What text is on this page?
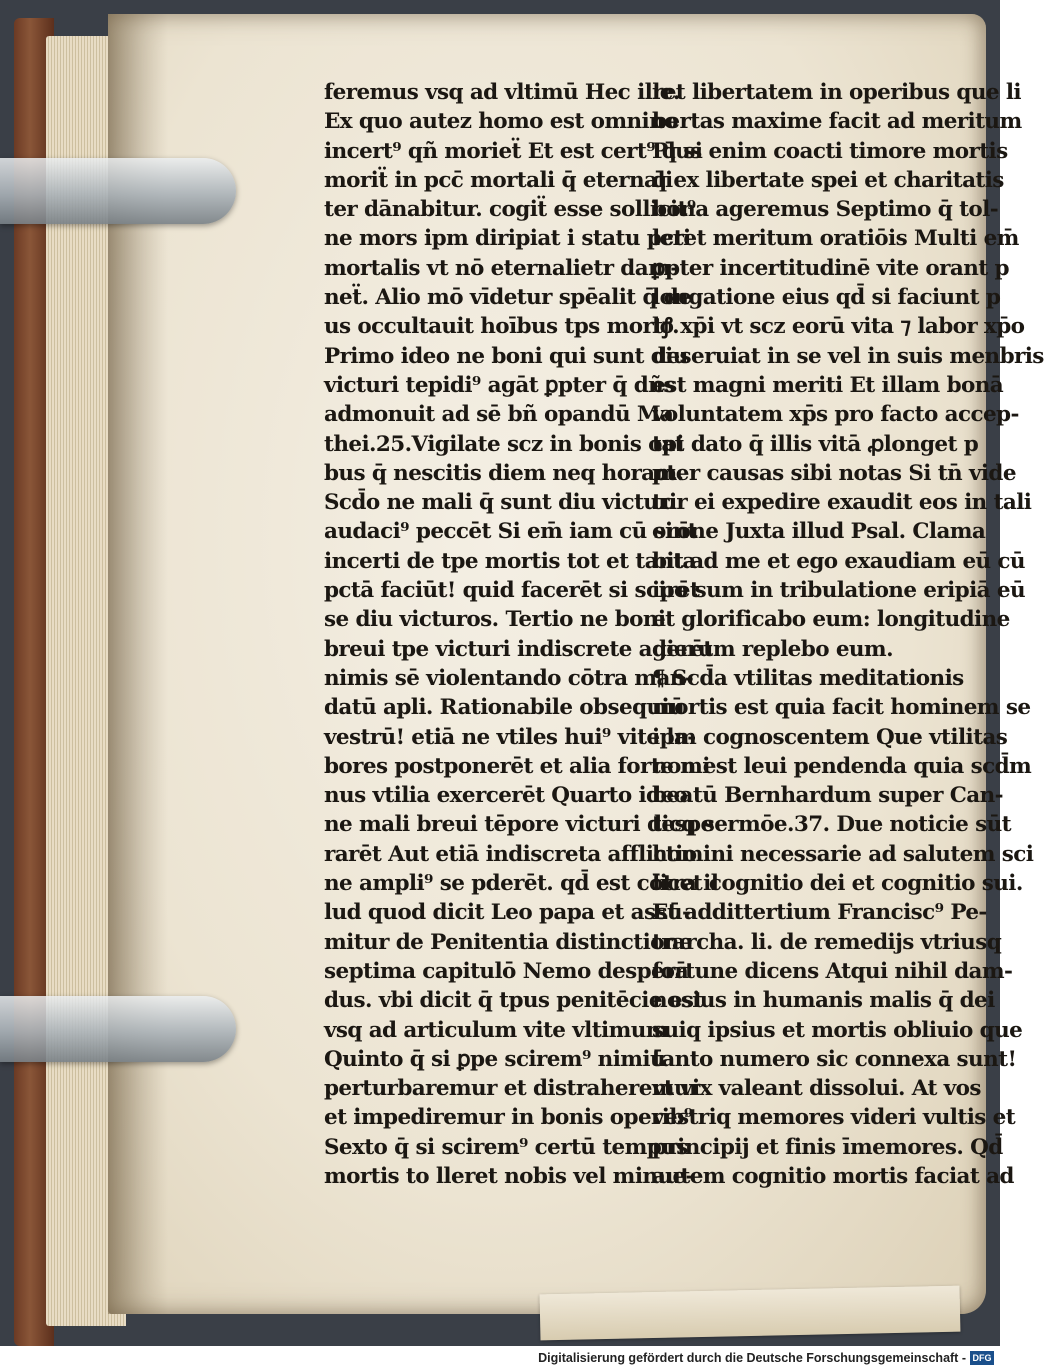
feremus vsq ad vltimū Hec ille.
Ex quo autez homo est omnino
incert⁹ qñ morieẗ Et est cert⁹ q̄ si
moriẗ in pcc̄ mortali q̄ eternali
ter dānabitur. cogiẗ esse sollicit⁹
ne mors ipm diripiat i statu pcti
mortalis vt nō eternalietr dam-
neẗ. Alio mō vīdetur spēalit q̄ de
us occultauit hoībus tps mortꝭ.
Primo ideo ne boni qui sunt diu
victuri tepidi⁹ agāt ꝑpter q̄ dñs
admonuit ad sē bñ opandū Ma
thei.25.Vigilate scz in bonis opi
bus q̄ nescitis diem neq horam.
Scd̄o ne mali q̄ sunt diu victuri
audaci⁹ peccēt Si em̄ iam cū sint
incerti de tpe mortis tot et tanta
pctā faciūt! quid facerēt si scirēt
se diu victuros. Tertio ne boni
breui tpe victuri indiscrete agerēt
nimis sē violentando cōtra man-
datū apli. Rationabile obsequiū
vestrū! etiā ne vtiles hui⁹ vite la-
bores postponerēt et alia forte mi
nus vtilia exercerēt Quarto ideo
ne mali breui tēpore victuri despe
rarēt Aut etiā indiscreta afflictio
ne ampli⁹ se pderēt. qd̄ est cōtra il
lud quod dicit Leo papa et assū-
mitur de Penitentia distinctione
septima capitulō Nemo desperā
dus. vbi dicit q̄ tpus penitēcie est
vsq ad articulum vite vltimum
Quinto q̄ si ꝑpe scirem⁹ nimiū
perturbaremur et distraheremur
et impediremur in bonis operib⁹
Sexto q̄ si scirem⁹ certū tempus
mortis to lleret nobis vel minue-
ret libertatem in operibus que li
bertas maxime facit ad meritum
Plus enim coacti timore mortis
q̄ ex libertate spei et charitatis
bona ageremus Septimo q̄ tol-
leret meritum oratiōis Multi em̄
ꝑpter incertitudinē vite orant p
longatione eius qd̄ si faciunt p
lo xp̄i vt scz eorū vita ⁊ labor xp̄o
deseruiat in se vel in suis menbris
est magni meriti Et illam bonā
voluntatem xp̄s pro facto accep-
tat dato q̄ illis vitā ꝓlonget p
pter causas sibi notas Si tn̄ vide
tur ei expedire exaudit eos in tali
orōne Juxta illud Psal. Clama
bit ad me et ego exaudiam eū cū
ipo sum in tribulatione eripiā eū
et glorificabo eum: longitudine
dierum replebo eum.
¶ Scd̄a vtilitas meditationis
mortis est quia facit hominem se
ipm cognoscentem Que vtilitas
non est leui pendenda quia scd̄m
beatū Bernhardum super Can-
ticq sermōe.37. Due noticie sūt
homini necessarie ad salutem sci
licet cognitio dei et cognitio sui.
Et addittertium Francisc⁹ Pe-
trarcha. li. de remedijs vtriusq
fortune dicens Atqui nihil dam-
nosius in humanis malis q̄ dei
suiq ipsius et mortis obliuio que
tanto numero sic connexa sunt!
vt vix valeant dissolui. At vos
vestriq memores videri vultis et
principij et finis īmemores. Qd̄
autem cognitio mortis faciat ad
Digitalisierung gefördert durch die Deutsche Forschungsgemeinschaft - DFG
